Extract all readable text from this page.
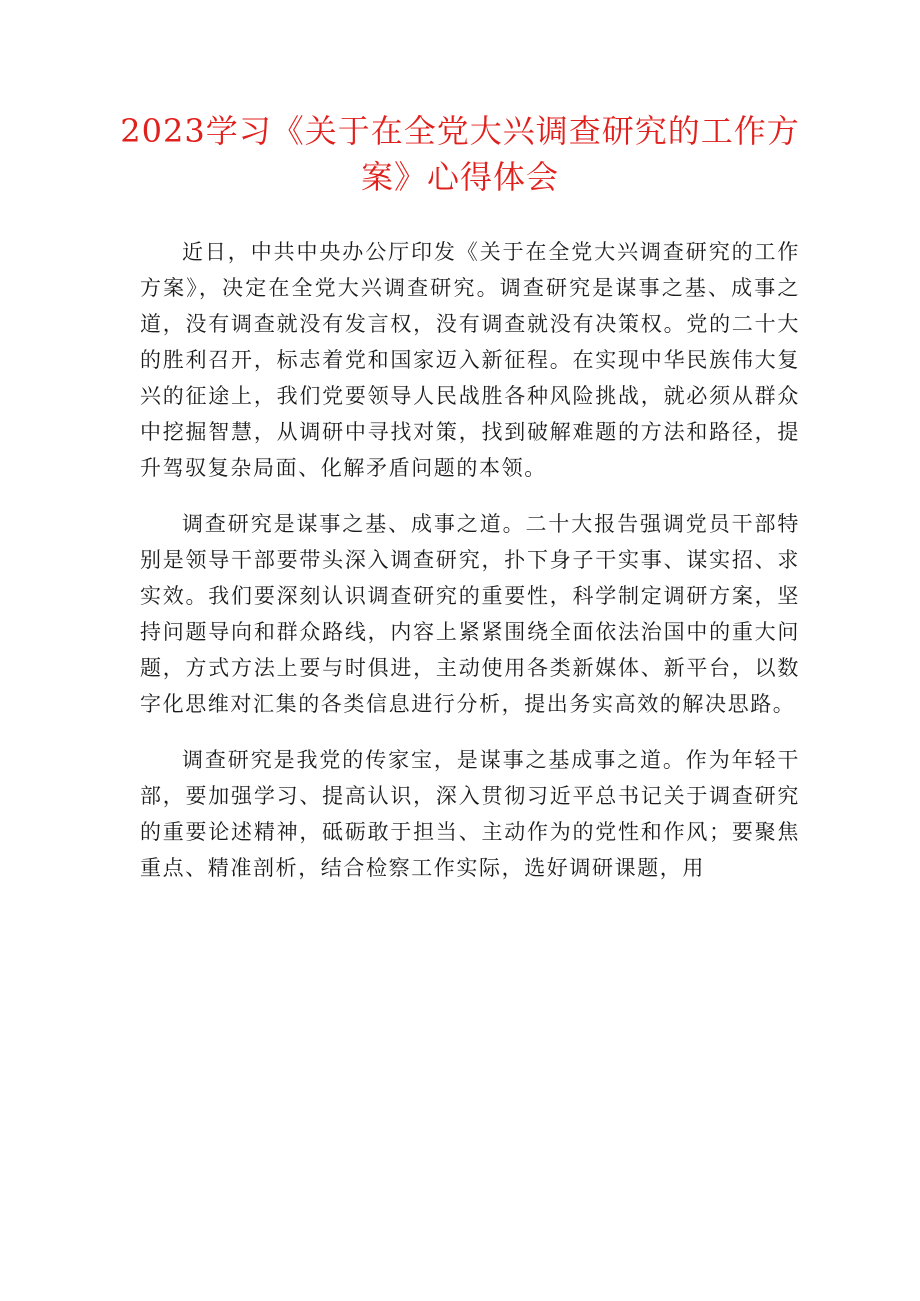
2023学习《关于在全党大兴调查研究的工作方案》心得体会

近日，中共中央办公厅印发《关于在全党大兴调查研究的工作方案》，决定在全党大兴调查研究。调查研究是谋事之基、成事之道，没有调查就没有发言权，没有调查就没有决策权。党的二十大的胜利召开，标志着党和国家迈入新征程。在实现中华民族伟大复兴的征途上，我们党要领导人民战胜各种风险挑战，就必须从群众中挖掘智慧，从调研中寻找对策，找到破解难题的方法和路径，提升驾驭复杂局面、化解矛盾问题的本领。

调查研究是谋事之基、成事之道。二十大报告强调党员干部特别是领导干部要带头深入调查研究，扑下身子干实事、谋实招、求实效。我们要深刻认识调查研究的重要性，科学制定调研方案，坚持问题导向和群众路线，内容上紧紧围绕全面依法治国中的重大问题，方式方法上要与时俱进，主动使用各类新媒体、新平台，以数字化思维对汇集的各类信息进行分析，提出务实高效的解决思路。

调查研究是我党的传家宝，是谋事之基成事之道。作为年轻干部，要加强学习、提高认识，深入贯彻习近平总书记关于调查研究的重要论述精神，砥砺敢于担当、主动作为的党性和作风；要聚焦重点、精准剖析，结合检察工作实际，选好调研课题，用
